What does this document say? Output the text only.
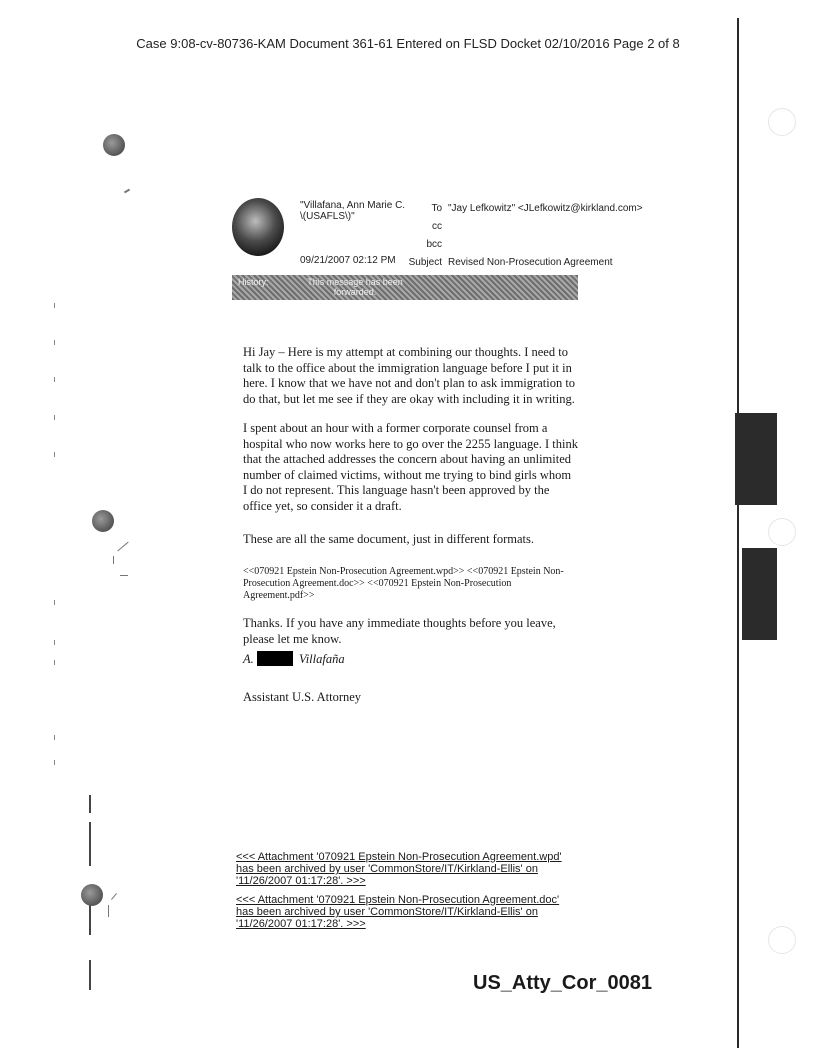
Case 9:08-cv-80736-KAM Document 361-61 Entered on FLSD Docket 02/10/2016 Page 2 of 8
"Villafana, Ann Marie C. \(USAFLS\)"
09/21/2007 02:12 PM
To "Jay Lefkowitz" <JLefkowitz@kirkland.com>
cc
bcc
Subject Revised Non-Prosecution Agreement
History:	This message has been forwarded.
Hi Jay – Here is my attempt at combining our thoughts. I need to talk to the office about the immigration language before I put it in here. I know that we have not and don't plan to ask immigration to do that, but let me see if they are okay with including it in writing.
I spent about an hour with a former corporate counsel from a hospital who now works here to go over the 2255 language. I think that the attached addresses the concern about having an unlimited number of claimed victims, without me trying to bind girls whom I do not represent. This language hasn't been approved by the office yet, so consider it a draft.
These are all the same document, just in different formats.
<<070921 Epstein Non-Prosecution Agreement.wpd>> <<070921 Epstein Non-Prosecution Agreement.doc>> <<070921 Epstein Non-Prosecution Agreement.pdf>>
Thanks. If you have any immediate thoughts before you leave, please let me know.
A.	Villafaña
Assistant U.S. Attorney
<<< Attachment '070921 Epstein Non-Prosecution Agreement.wpd' has been archived by user 'CommonStore/IT/Kirkland-Ellis' on '11/26/2007 01:17:28'. >>>
<<< Attachment '070921 Epstein Non-Prosecution Agreement.doc' has been archived by user 'CommonStore/IT/Kirkland-Ellis' on '11/26/2007 01:17:28'. >>>
US_Atty_Cor_0081
